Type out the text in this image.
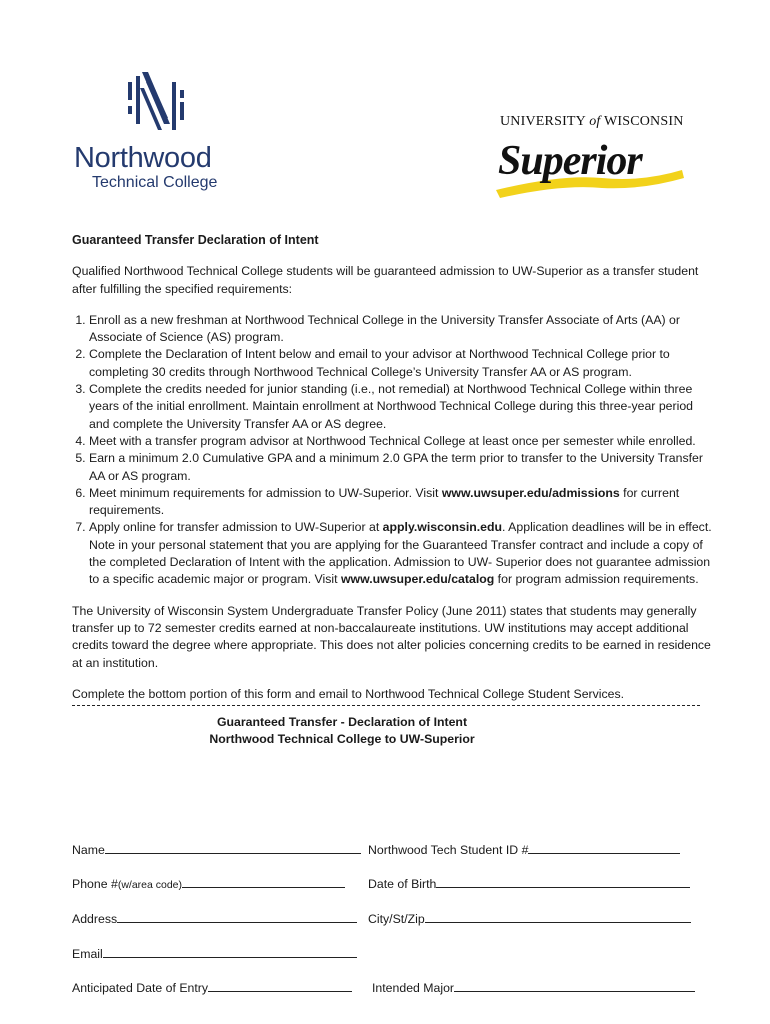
Northwood
Technical College
UNIVERSITY of WISCONSIN
Superior
Guaranteed Transfer Declaration of Intent

Qualified Northwood Technical College students will be guaranteed admission to UW-Superior as a transfer student after fulfilling the specified requirements:

1. Enroll as a new freshman at Northwood Technical College in the University Transfer Associate of Arts (AA) or Associate of Science (AS) program.
2. Complete the Declaration of Intent below and email to your advisor at Northwood Technical College prior to completing 30 credits through Northwood Technical College’s University Transfer AA or AS program.
3. Complete the credits needed for junior standing (i.e., not remedial) at Northwood Technical College within three years of the initial enrollment. Maintain enrollment at Northwood Technical College during this three-year period and complete the University Transfer AA or AS degree.
4. Meet with a transfer program advisor at Northwood Technical College at least once per semester while enrolled.
5. Earn a minimum 2.0 Cumulative GPA and a minimum 2.0 GPA the term prior to transfer to the University Transfer AA or AS program.
6. Meet minimum requirements for admission to UW-Superior. Visit www.uwsuper.edu/admissions for current requirements.
7. Apply online for transfer admission to UW-Superior at apply.wisconsin.edu. Application deadlines will be in effect. Note in your personal statement that you are applying for the Guaranteed Transfer contract and include a copy of the completed Declaration of Intent with the application. Admission to UW- Superior does not guarantee admission to a specific academic major or program. Visit www.uwsuper.edu/catalog for program admission requirements.

The University of Wisconsin System Undergraduate Transfer Policy (June 2011) states that students may generally transfer up to 72 semester credits earned at non-baccalaureate institutions. UW institutions may accept additional credits toward the degree where appropriate. This does not alter policies concerning credits to be earned in residence at an institution.

Complete the bottom portion of this form and email to Northwood Technical College Student Services.

Guaranteed Transfer - Declaration of Intent
Northwood Technical College to UW-Superior
Name	Northwood Tech Student ID #
Phone #(w/area code)	Date of Birth
Address	City/St/Zip
Email
Anticipated Date of Entry	Intended Major
